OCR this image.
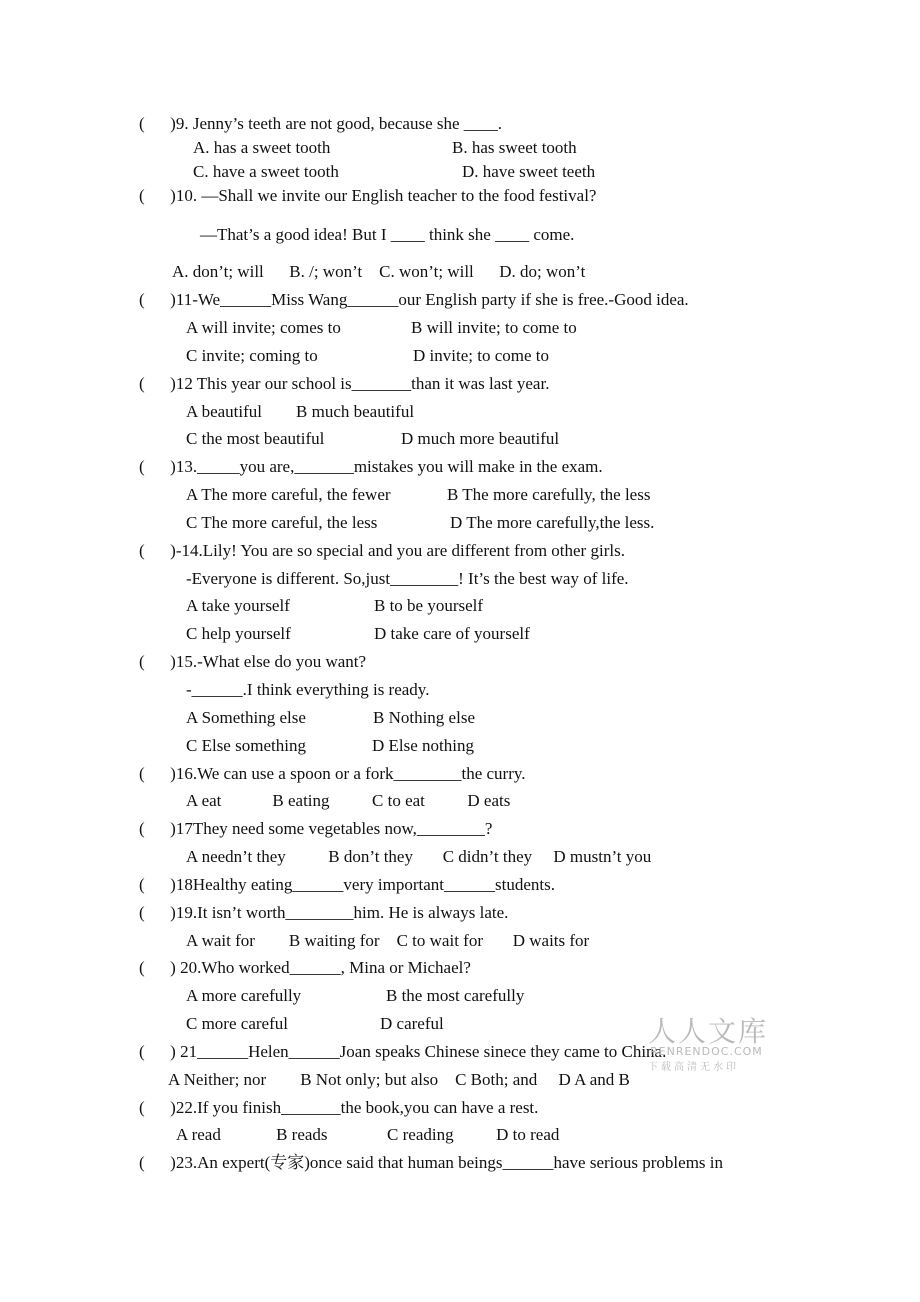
(      )9. Jenny’s teeth are not good, because she ____.
A. has a sweet tooth	B. has sweet tooth
C. have a sweet tooth	D. have sweet teeth
(      )10. —Shall we invite our English teacher to the food festival?
—That’s a good idea! But I ____ think she ____ come.
A. don’t; will      B. /; won’t    C. won’t; will      D. do; won’t
(      )11-We______Miss Wang______our English party if she is free.-Good idea.
A will invite; comes to	B will invite; to come to
C invite; coming to	D invite; to come to
(      )12 This year our school is_______than it was last year.
A beautiful        B much beautiful
C the most beautiful	D much more beautiful
(      )13._____you are,_______mistakes you will make in the exam.
A The more careful, the fewer	B The more carefully, the less
C The more careful, the less	D The more carefully,the less.
(      )-14.Lily! You are so special and you are different from other girls.
-Everyone is different. So,just________! It’s the best way of life.
A take yourself	B to be yourself
C help yourself	D take care of yourself
(      )15.-What else do you want?
-______.I think everything is ready.
A Something else	B Nothing else
C Else something	D Else nothing
(      )16.We can use a spoon or a fork________the curry.
A eat            B eating          C to eat          D eats
(      )17They need some vegetables now,________?
A needn’t they          B don’t they       C didn’t they     D mustn’t you
(      )18Healthy eating______very important______students.
(      )19.It isn’t worth________him. He is always late.
A wait for        B waiting for    C to wait for       D waits for
(      ) 20.Who worked______, Mina or Michael?
A more carefully	B the most carefully
C more careful	D careful
(      ) 21______Helen______Joan speaks Chinese sinece they came to China.
A Neither; nor        B Not only; but also    C Both; and     D A and B
(      )22.If you finish_______the book,you can have a rest.
A read             B reads              C reading          D to read
(      )23.An expert(专家)once said that human beings______have serious problems in
人人文库
RENRENDOC.COM
下载高清无水印
